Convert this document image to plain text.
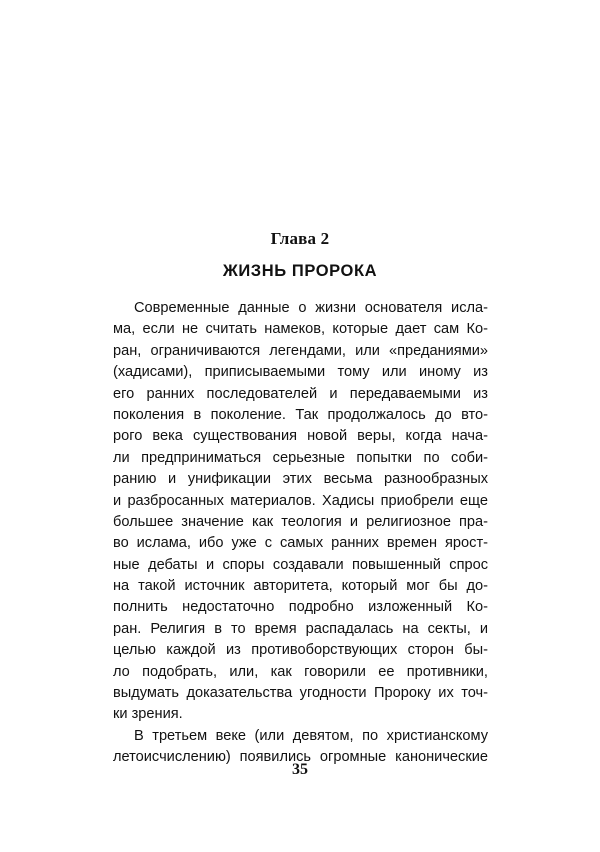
Глава 2
ЖИЗНЬ ПРОРОКА
Современные данные о жизни основателя исла-
ма, если не считать намеков, которые дает сам Ко-
ран, ограничиваются легендами, или «преданиями»
(хадисами), приписываемыми тому или иному из
его ранних последователей и передаваемыми из
поколения в поколение. Так продолжалось до вто-
рого века существования новой веры, когда нача-
ли предприниматься серьезные попытки по соби-
ранию и унификации этих весьма разнообразных
и разбросанных материалов. Хадисы приобрели еще
большее значение как теология и религиозное пра-
во ислама, ибо уже с самых ранних времен ярост-
ные дебаты и споры создавали повышенный спрос
на такой источник авторитета, который мог бы до-
полнить недостаточно подробно изложенный Ко-
ран. Религия в то время распадалась на секты, и
целью каждой из противоборствующих сторон бы-
ло подобрать, или, как говорили ее противники,
выдумать доказательства угодности Пророку их точ-
ки зрения.
В третьем веке (или девятом, по христианскому
летоисчислению) появились огромные канонические
35
